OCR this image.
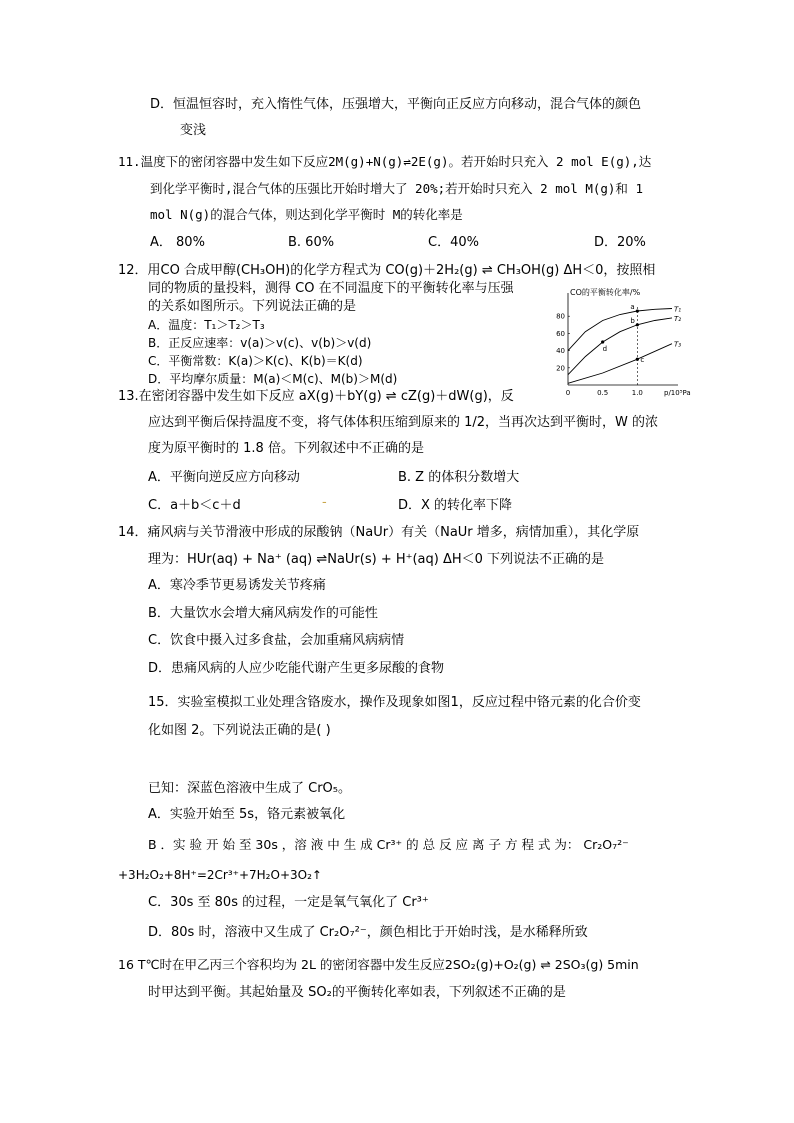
D．恒温恒容时，充入惰性气体，压强增大，平衡向正反应方向移动，混合气体的颜色
变浅
11.温度下的密闭容器中发生如下反应2M(g)+N(g)⇌2E(g)。若开始时只充入 2 mol E(g),达
到化学平衡时,混合气体的压强比开始时增大了 20%;若开始时只充入 2 mol M(g)和 1
mol N(g)的混合气体，则达到化学平衡时 M的转化率是
A． 80%	B. 60%	C．40%	D．20%
12．用CO 合成甲醇(CH₃OH)的化学方程式为 CO(g)＋2H₂(g) ⇌ CH₃OH(g) ΔH＜0，按照相
同的物质的量投料，测得 CO 在不同温度下的平衡转化率与压强
的关系如图所示。下列说法正确的是
A．温度：T₁＞T₂＞T₃
B．正反应速率：v(a)＞v(c)、v(b)＞v(d)
C．平衡常数：K(a)＞K(c)、K(b)＝K(d)
D．平均摩尔质量：M(a)＜M(c)、M(b)＞M(d)
CO的平衡转化率/%
p/10⁵Pa
20
40
60
80
0	0.5	1.0
T₁
T₂
T₃
a
b
c
d
13.在密闭容器中发生如下反应 aX(g)＋bY(g) ⇌ cZ(g)＋dW(g)，反
应达到平衡后保持温度不变，将气体体积压缩到原来的 1/2，当再次达到平衡时，W 的浓
度为原平衡时的 1.8 倍。下列叙述中不正确的是
A．平衡向逆反应方向移动	B. Z 的体积分数增大
C．a＋b＜c＋d	-	D．X 的转化率下降
14．痛风病与关节滑液中形成的尿酸钠（NaUr）有关（NaUr 增多，病情加重），其化学原
理为：HUr(aq) + Na⁺ (aq) ⇌NaUr(s) + H⁺(aq) ΔH＜0 下列说法不正确的是
A．寒冷季节更易诱发关节疼痛
B．大量饮水会增大痛风病发作的可能性
C．饮食中摄入过多食盐，会加重痛风病病情
D．患痛风病的人应少吃能代谢产生更多尿酸的食物
15．实验室模拟工业处理含铬废水，操作及现象如图1，反应过程中铬元素的化合价变
化如图 2。下列说法正确的是( )
已知：深蓝色溶液中生成了 CrO₅。
A．实验开始至 5s，铬元素被氧化
B ．实 验 开 始 至 30s ，溶 液 中 生 成 Cr³⁺ 的 总 反 应 离 子 方 程 式 为： Cr₂O₇²⁻
+3H₂O₂+8H⁺=2Cr³⁺+7H₂O+3O₂↑
C．30s 至 80s 的过程，一定是氧气氧化了 Cr³⁺
D．80s 时，溶液中又生成了 Cr₂O₇²⁻，颜色相比于开始时浅，是水稀释所致
16 T℃时在甲乙丙三个容积均为 2L 的密闭容器中发生反应2SO₂(g)+O₂(g) ⇌ 2SO₃(g) 5min
时甲达到平衡。其起始量及 SO₂的平衡转化率如表，下列叙述不正确的是
